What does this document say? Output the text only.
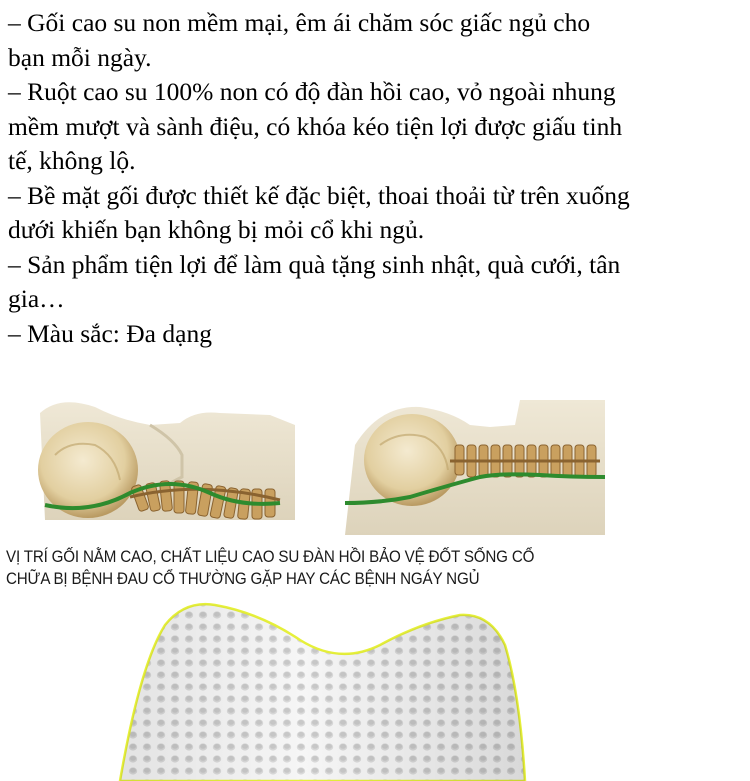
– Gối cao su non mềm mại, êm ái chăm sóc giấc ngủ cho

bạn mỗi ngày.

– Ruột cao su 100% non có độ đàn hồi cao, vỏ ngoài nhung

mềm mượt và sành điệu, có khóa kéo tiện lợi được giấu tinh

tế, không lộ.

– Bề mặt gối được thiết kế đặc biệt, thoai thoải từ trên xuống

dưới khiến bạn không bị mỏi cổ khi ngủ.

– Sản phẩm tiện lợi để làm quà tặng sinh nhật, quà cưới, tân

gia…

– Màu sắc: Đa dạng

VỊ TRÍ GỐI NẰM CAO, CHẤT LIỆU CAO SU ĐÀN HỒI BẢO VỆ ĐỐT SỐNG CỔ
CHỮA BỊ BỆNH ĐAU CỔ THƯỜNG GẶP HAY CÁC BỆNH NGÁY NGỦ
